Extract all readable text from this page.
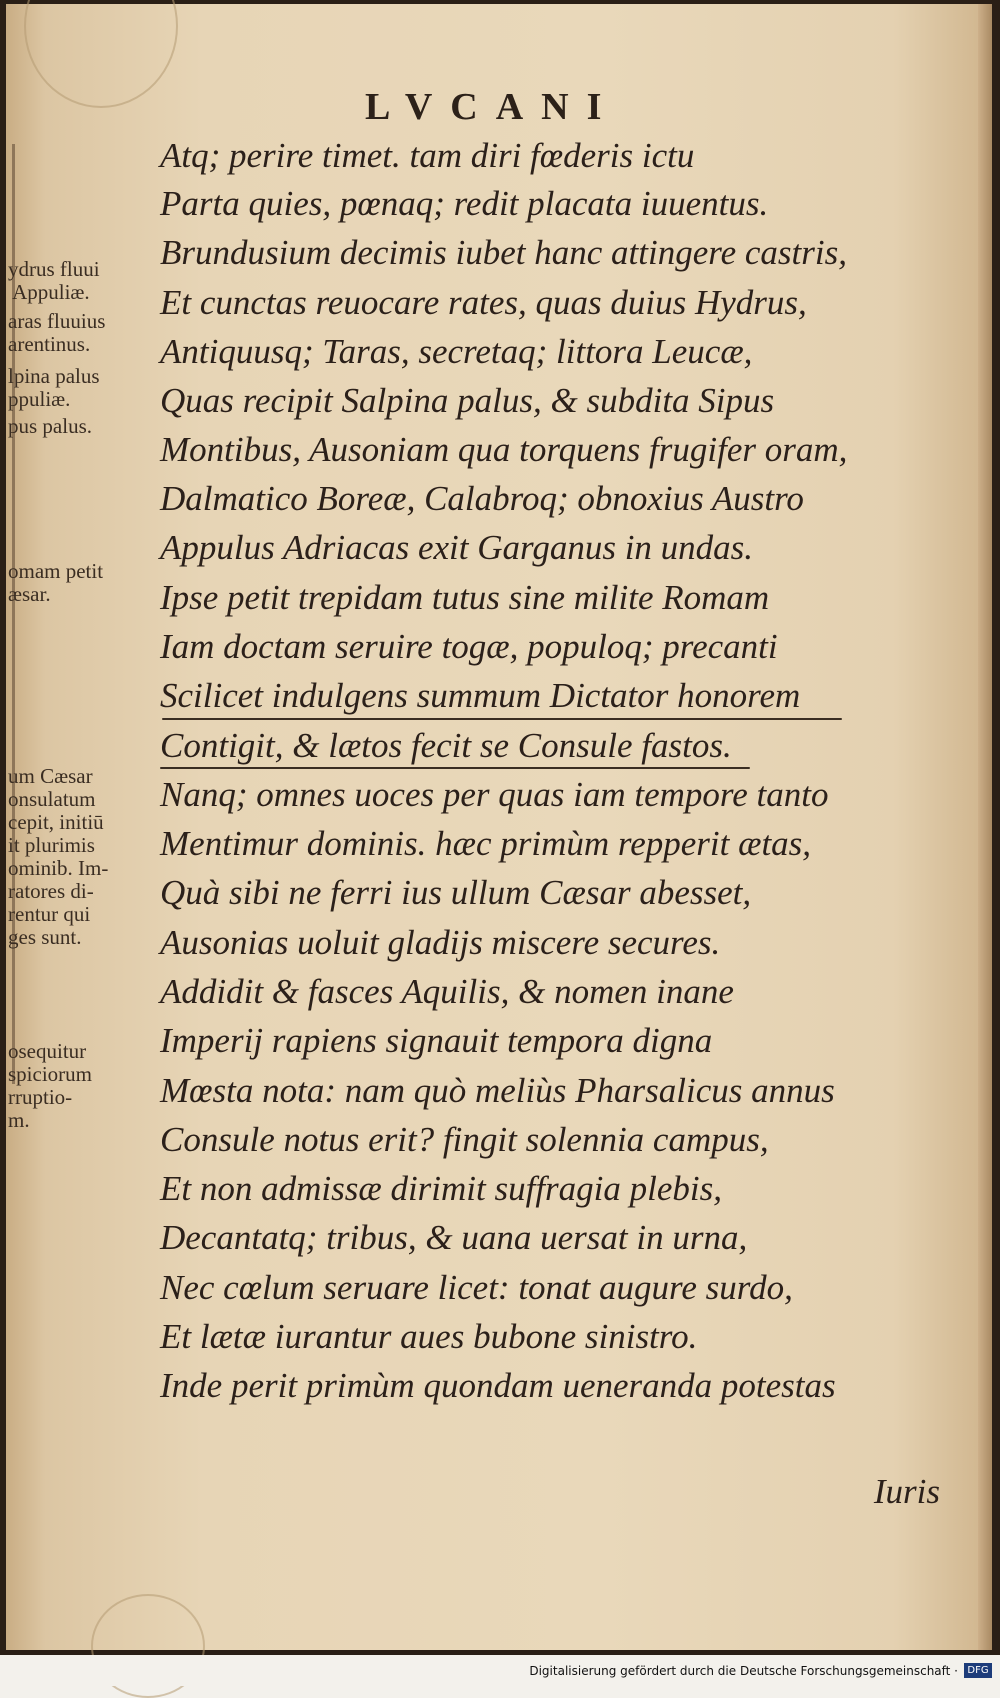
LVCANI

ydrus fluui
Appuliæ.

aras fluuius
arentinus.

lpina palus
ppuliæ.

pus palus.

omam petit
æsar.

um Cæsar
onsulatum
cepit, initiū
it plurimis
ominib. Im-
ratores di-
rentur qui
ges sunt.

osequitur
spiciorum
rruptio-
m.

Atq; perire timet. tam diri fœderis ictu

Parta quies, pœnaq; redit placata iuuentus.

Brundusium decimis iubet hanc attingere castris,

Et cunctas reuocare rates, quas duius Hydrus,

Antiquusq; Taras, secretaq; littora Leucæ,

Quas recipit Salpina palus, & subdita Sipus

Montibus, Ausoniam qua torquens frugifer oram,

Dalmatico Boreæ, Calabroq; obnoxius Austro

Appulus Adriacas exit Garganus in undas.

Ipse petit trepidam tutus sine milite Romam

Iam doctam seruire togæ, populoq; precanti

Scilicet indulgens summum Dictator honorem

Contigit, & lætos fecit se Consule fastos.

Nanq; omnes uoces per quas iam tempore tanto

Mentimur dominis. hæc primùm repperit ætas,

Quà sibi ne ferri ius ullum Cæsar abesset,

Ausonias uoluit gladijs miscere secures.

Addidit & fasces Aquilis, & nomen inane

Imperij rapiens signauit tempora digna

Mœsta nota: nam quò meliùs Pharsalicus annus

Consule notus erit? fingit solennia campus,

Et non admissæ dirimit suffragia plebis,

Decantatq; tribus, & uana uersat in urna,

Nec cœlum seruare licet: tonat augure surdo,

Et lætæ iurantur aues bubone sinistro.

Inde perit primùm quondam ueneranda potestas

Iuris

Digitalisierung gefördert durch die Deutsche Forschungsgemeinschaft · DFG
